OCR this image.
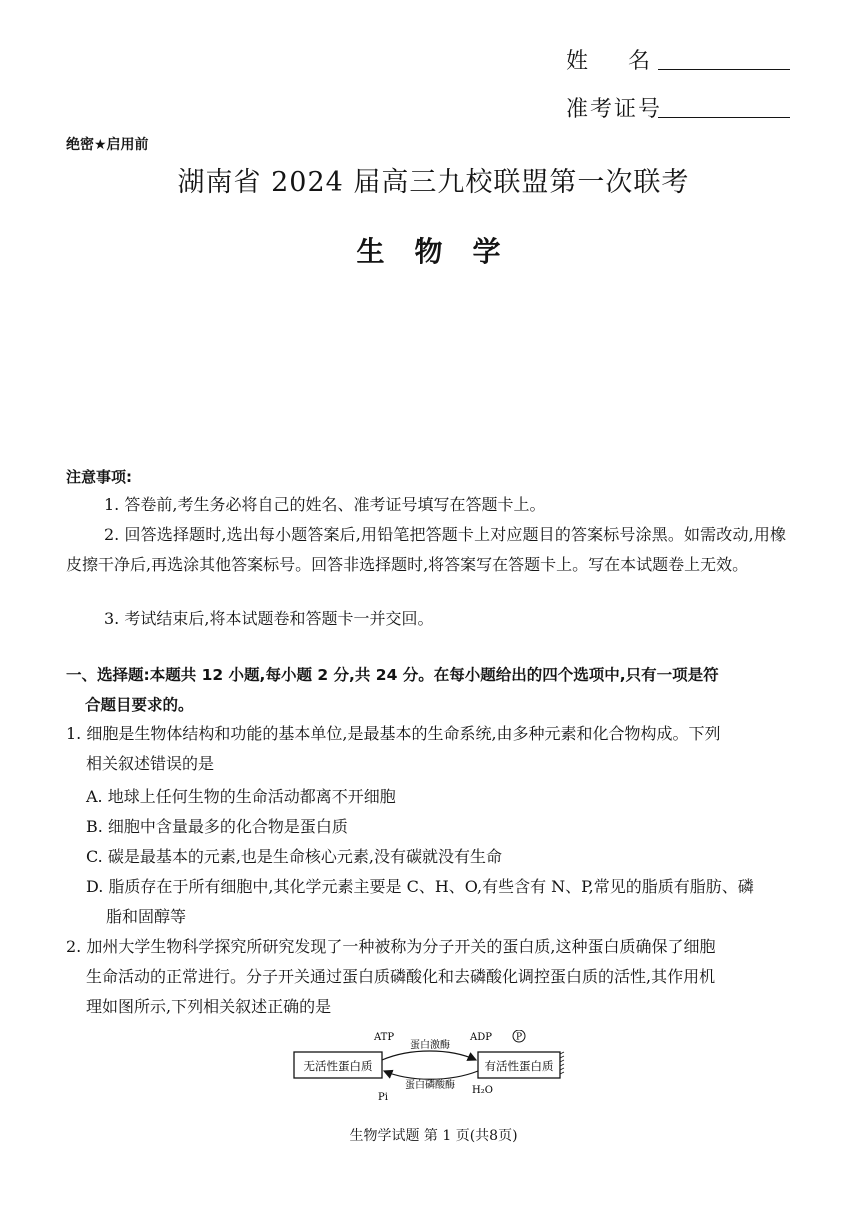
姓名
准考证号
绝密★启用前
湖南省 2024 届高三九校联盟第一次联考
生物学
注意事项:
1. 答卷前,考生务必将自己的姓名、准考证号填写在答题卡上。
2. 回答选择题时,选出每小题答案后,用铅笔把答题卡上对应题目的答案标号涂黑。如需改动,用橡皮擦干净后,再选涂其他答案标号。回答非选择题时,将答案写在答题卡上。写在本试题卷上无效。
3. 考试结束后,将本试题卷和答题卡一并交回。
一、选择题:本题共 12 小题,每小题 2 分,共 24 分。在每小题给出的四个选项中,只有一项是符
合题目要求的。
1. 细胞是生物体结构和功能的基本单位,是最基本的生命系统,由多种元素和化合物构成。下列
相关叙述错误的是
A. 地球上任何生物的生命活动都离不开细胞
B. 细胞中含量最多的化合物是蛋白质
C. 碳是最基本的元素,也是生命核心元素,没有碳就没有生命
D. 脂质存在于所有细胞中,其化学元素主要是 C、H、O,有些含有 N、P,常见的脂质有脂肪、磷
脂和固醇等
2. 加州大学生物科学探究所研究发现了一种被称为分子开关的蛋白质,这种蛋白质确保了细胞
生命活动的正常进行。分子开关通过蛋白质磷酸化和去磷酸化调控蛋白质的活性,其作用机
理如图所示,下列相关叙述正确的是
无活性蛋白质	有活性蛋白质
ATP	ADP	P
蛋白激酶
蛋白磷酸酶
Pi
H₂O
生物学试题 第 1 页(共8页)
